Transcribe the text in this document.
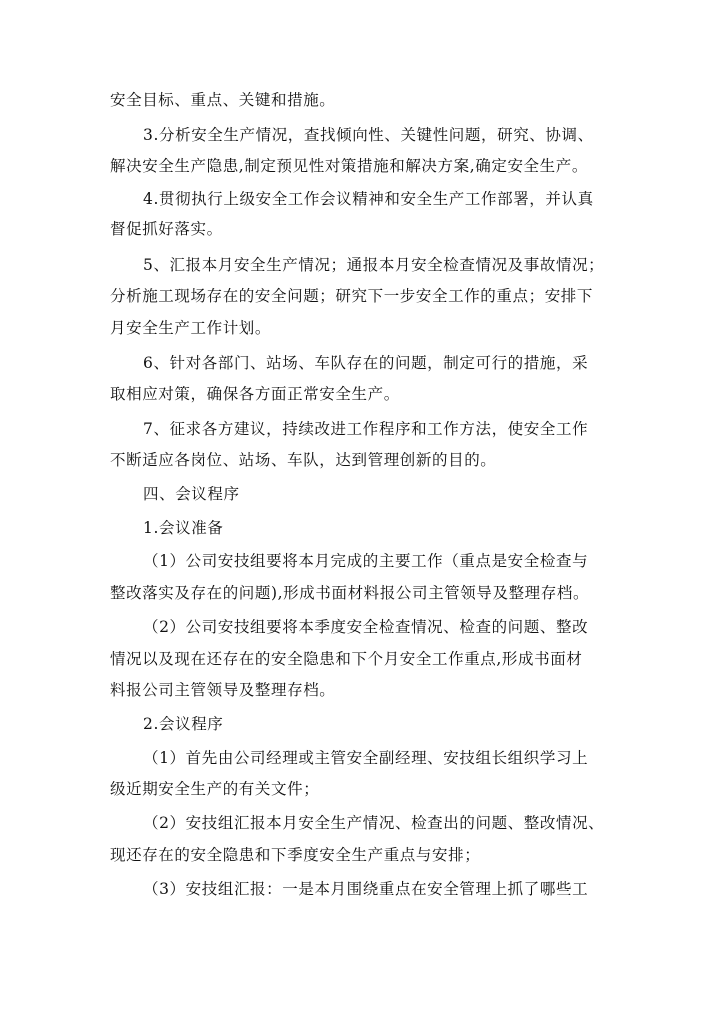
安全目标、重点、关键和措施。
3.分析安全生产情况，查找倾向性、关键性问题，研究、协调、
解决安全生产隐患,制定预见性对策措施和解决方案,确定安全生产。
4.贯彻执行上级安全工作会议精神和安全生产工作部署，并认真
督促抓好落实。
5、汇报本月安全生产情况；通报本月安全检查情况及事故情况；
分析施工现场存在的安全问题；研究下一步安全工作的重点；安排下
月安全生产工作计划。
6、针对各部门、站场、车队存在的问题，制定可行的措施，采
取相应对策，确保各方面正常安全生产。
7、征求各方建议，持续改进工作程序和工作方法，使安全工作
不断适应各岗位、站场、车队，达到管理创新的目的。
四、会议程序
1.会议准备
（1）公司安技组要将本月完成的主要工作（重点是安全检查与
整改落实及存在的问题),形成书面材料报公司主管领导及整理存档。
（2）公司安技组要将本季度安全检查情况、检查的问题、整改
情况以及现在还存在的安全隐患和下个月安全工作重点,形成书面材
料报公司主管领导及整理存档。
2.会议程序
（1）首先由公司经理或主管安全副经理、安技组长组织学习上
级近期安全生产的有关文件；
（2）安技组汇报本月安全生产情况、检查出的问题、整改情况、
现还存在的安全隐患和下季度安全生产重点与安排；
（3）安技组汇报：一是本月围绕重点在安全管理上抓了哪些工
